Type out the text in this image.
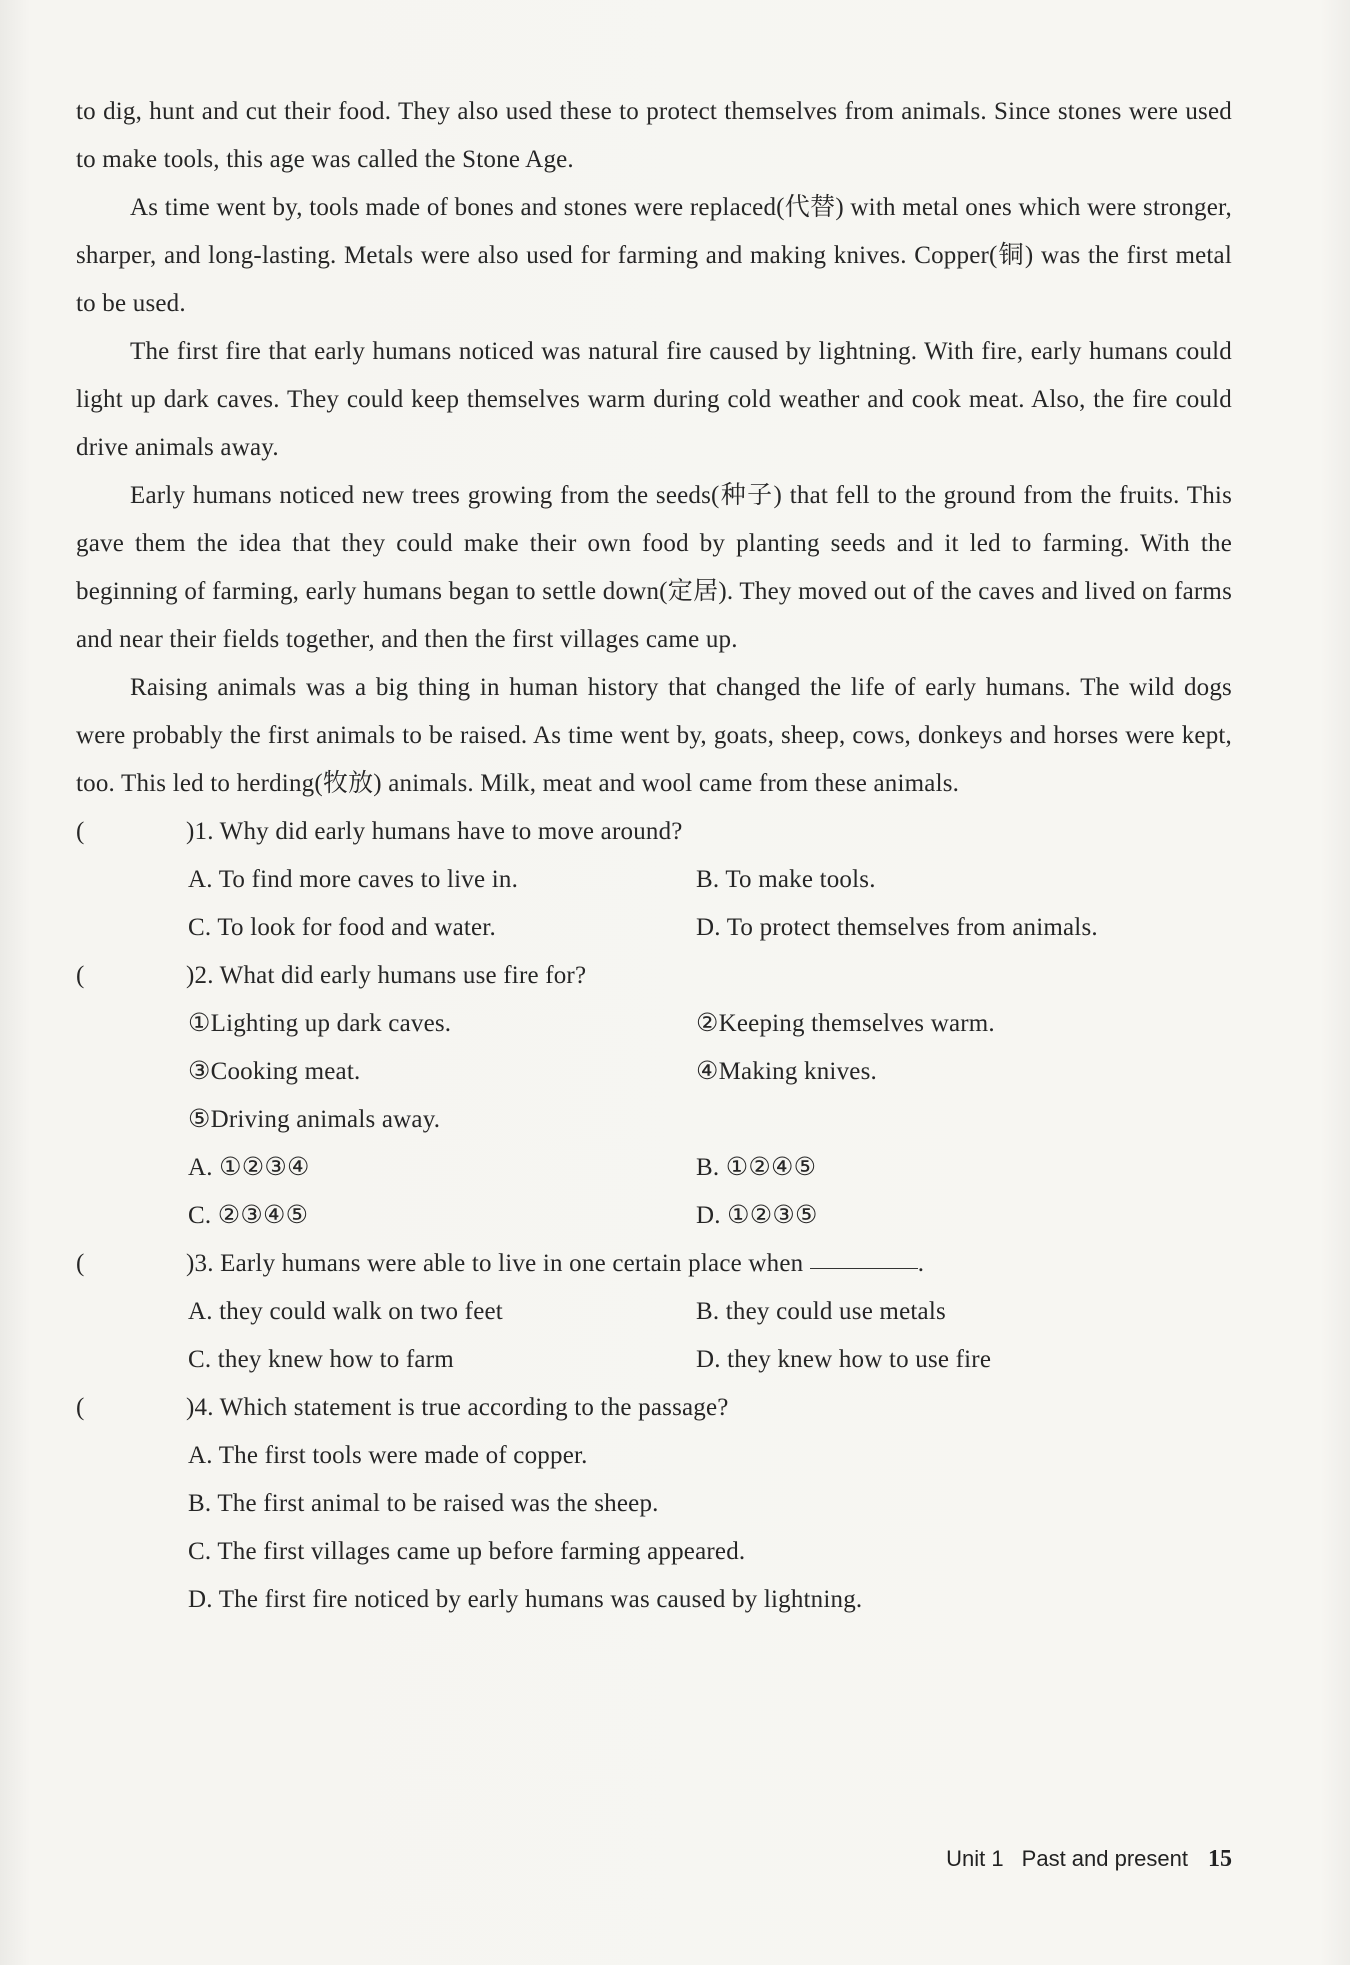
to dig, hunt and cut their food. They also used these to protect themselves from animals. Since stones were used to make tools, this age was called the Stone Age.

As time went by, tools made of bones and stones were replaced(代替) with metal ones which were stronger, sharper, and long-lasting. Metals were also used for farming and making knives. Copper(铜) was the first metal to be used.

The first fire that early humans noticed was natural fire caused by lightning. With fire, early humans could light up dark caves. They could keep themselves warm during cold weather and cook meat. Also, the fire could drive animals away.

Early humans noticed new trees growing from the seeds(种子) that fell to the ground from the fruits. This gave them the idea that they could make their own food by planting seeds and it led to farming. With the beginning of farming, early humans began to settle down(定居). They moved out of the caves and lived on farms and near their fields together, and then the first villages came up.

Raising animals was a big thing in human history that changed the life of early humans. The wild dogs were probably the first animals to be raised. As time went by, goats, sheep, cows, donkeys and horses were kept, too. This led to herding(牧放) animals. Milk, meat and wool came from these animals.

(	)1. Why did early humans have to move around?
A. To find more caves to live in.	B. To make tools.
C. To look for food and water.	D. To protect themselves from animals.
(	)2. What did early humans use fire for?
①Lighting up dark caves.	②Keeping themselves warm.
③Cooking meat.	④Making knives.
⑤Driving animals away.
A. ①②③④	B. ①②④⑤
C. ②③④⑤	D. ①②③⑤
(	)3. Early humans were able to live in one certain place when	.
A. they could walk on two feet	B. they could use metals
C. they knew how to farm	D. they knew how to use fire
(	)4. Which statement is true according to the passage?
A. The first tools were made of copper.
B. The first animal to be raised was the sheep.
C. The first villages came up before farming appeared.
D. The first fire noticed by early humans was caused by lightning.
Unit 1 Past and present 15
